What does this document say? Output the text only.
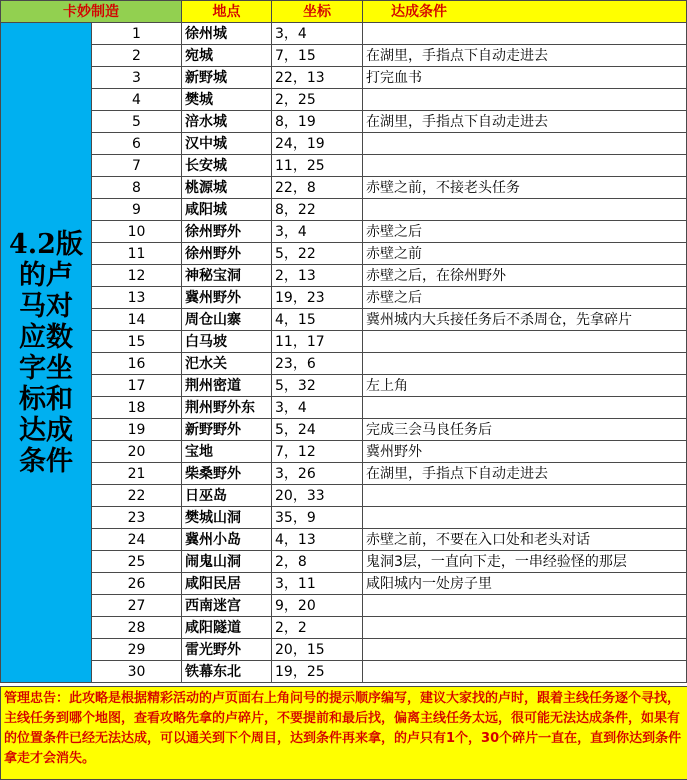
卡妙制造		地点	坐标	达成条件

4.2版的卢马对应数字坐标和达成条件	1	徐州城	3，4	
	2	宛城	7，15	在湖里，手指点下自动走进去
	3	新野城	22，13	打完血书
	4	樊城	2，25	
	5	涪水城	8，19	在湖里，手指点下自动走进去
	6	汉中城	24，19	
	7	长安城	11，25	
	8	桃源城	22，8	赤壁之前，不接老头任务
	9	咸阳城	8，22	
	10	徐州野外	3，4	赤壁之后
	11	徐州野外	5，22	赤壁之前
	12	神秘宝洞	2，13	赤壁之后，在徐州野外
	13	冀州野外	19，23	赤壁之后
	14	周仓山寨	4，15	冀州城内大兵接任务后不杀周仓，先拿碎片
	15	白马坡	11，17	
	16	汜水关	23，6	
	17	荆州密道	5，32	左上角
	18	荆州野外东	3，4	
	19	新野野外	5，24	完成三会马良任务后
	20	宝地	7，12	冀州野外
	21	柴桑野外	3，26	在湖里，手指点下自动走进去
	22	日巫岛	20，33	
	23	樊城山洞	35，9	
	24	冀州小岛	4，13	赤壁之前，不要在入口处和老头对话
	25	闹鬼山洞	2，8	鬼洞3层，一直向下走，一串经验怪的那层
	26	咸阳民居	3，11	咸阳城内一处房子里
	27	西南迷宫	9，20	
	28	咸阳隧道	2，2	
	29	雷光野外	20，15	
	30	铁幕东北	19，25	
管理忠告：此攻略是根据精彩活动的卢页面右上角问号的提示顺序编写，建议大家找的卢时，跟着主线任务逐个寻找，主线任务到哪个地图，查看攻略先拿的卢碎片，不要提前和最后找，偏离主线任务太远，很可能无法达成条件，如果有的位置条件已经无法达成，可以通关到下个周目，达到条件再来拿，的卢只有1个，30个碎片一直在，直到你达到条件拿走才会消失。
